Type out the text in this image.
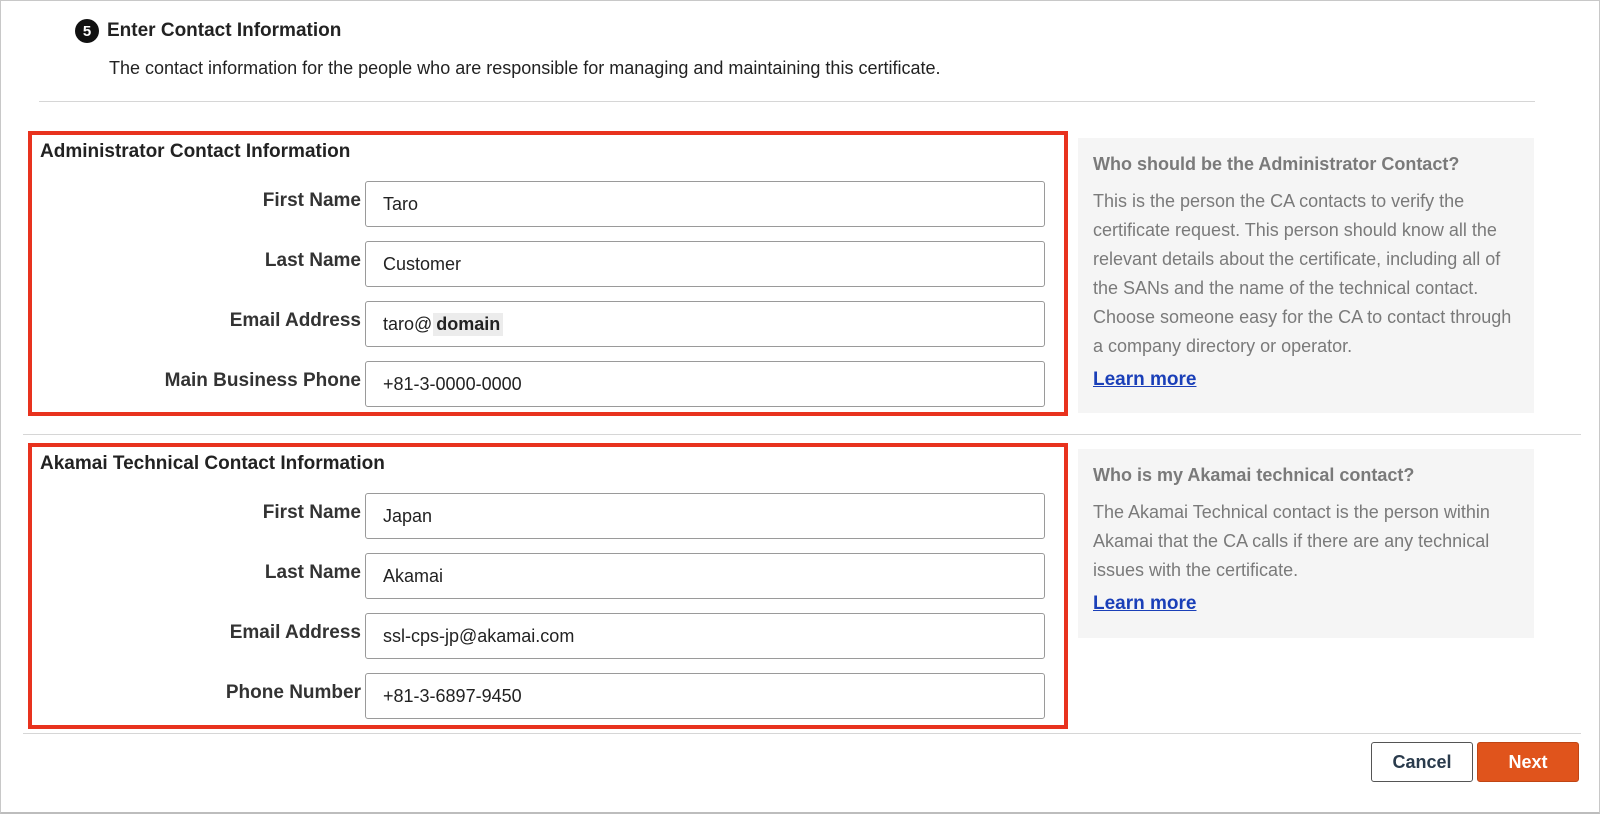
5 Enter Contact Information
The contact information for the people who are responsible for managing and maintaining this certificate.
Administrator Contact Information
First Name
Taro
Last Name
Customer
Email Address taro@ domain
Main Business Phone
+81-3-0000-0000
Who should be the Administrator Contact?
This is the person the CA contacts to verify the certificate request. This person should know all the relevant details about the certificate, including all of the SANs and the name of the technical contact. Choose someone easy for the CA to contact through a company directory or operator.
Learn more
Akamai Technical Contact Information
First Name
Japan
Last Name
Akamai
Email Address
ssl-cps-jp@akamai.com
Phone Number
+81-3-6897-9450
Who is my Akamai technical contact?
The Akamai Technical contact is the person within Akamai that the CA calls if there are any technical issues with the certificate.
Learn more
Cancel	Next
